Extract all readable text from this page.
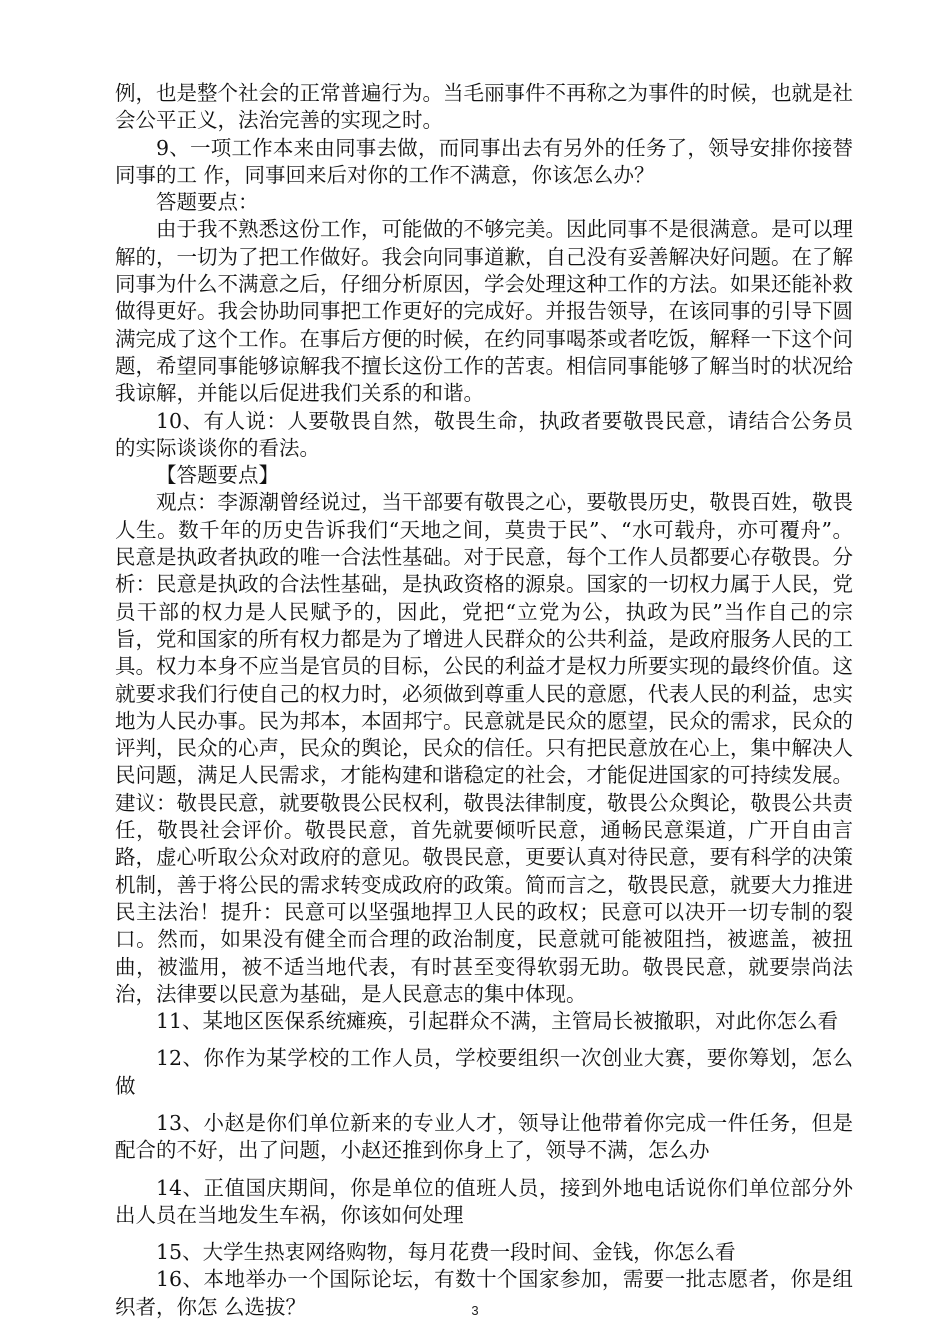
例，也是整个社会的正常普遍行为。当毛丽事件不再称之为事件的时候，也就是社会公平正义，法治完善的实现之时。

9、一项工作本来由同事去做，而同事出去有另外的任务了，领导安排你接替同事的工 作，同事回来后对你的工作不满意，你该怎么办？

答题要点：

由于我不熟悉这份工作，可能做的不够完美。因此同事不是很满意。是可以理解的，一切为了把工作做好。我会向同事道歉，自己没有妥善解决好问题。在了解同事为什么不满意之后，仔细分析原因，学会处理这种工作的方法。如果还能补救做得更好。我会协助同事把工作更好的完成好。并报告领导，在该同事的引导下圆满完成了这个工作。在事后方便的时候，在约同事喝茶或者吃饭，解释一下这个问题，希望同事能够谅解我不擅长这份工作的苦衷。相信同事能够了解当时的状况给我谅解，并能以后促进我们关系的和谐。

10、有人说：人要敬畏自然，敬畏生命，执政者要敬畏民意，请结合公务员的实际谈谈你的看法。

【答题要点】

观点：李源潮曾经说过，当干部要有敬畏之心，要敬畏历史，敬畏百姓，敬畏人生。数千年的历史告诉我们“天地之间，莫贵于民”、“水可载舟，亦可覆舟”。民意是执政者执政的唯一合法性基础。对于民意，每个工作人员都要心存敬畏。分析：民意是执政的合法性基础，是执政资格的源泉。国家的一切权力属于人民，党员干部的权力是人民赋予的，因此，党把“立党为公，执政为民”当作自己的宗旨，党和国家的所有权力都是为了增进人民群众的公共利益，是政府服务人民的工具。权力本身不应当是官员的目标，公民的利益才是权力所要实现的最终价值。这就要求我们行使自己的权力时，必须做到尊重人民的意愿，代表人民的利益，忠实地为人民办事。民为邦本，本固邦宁。民意就是民众的愿望，民众的需求，民众的评判，民众的心声，民众的舆论，民众的信任。只有把民意放在心上，集中解决人民问题，满足人民需求，才能构建和谐稳定的社会，才能促进国家的可持续发展。建议：敬畏民意，就要敬畏公民权利，敬畏法律制度，敬畏公众舆论，敬畏公共责任，敬畏社会评价。敬畏民意，首先就要倾听民意，通畅民意渠道，广开自由言路，虚心听取公众对政府的意见。敬畏民意，更要认真对待民意，要有科学的决策机制，善于将公民的需求转变成政府的政策。简而言之，敬畏民意，就要大力推进民主法治！提升：民意可以坚强地捍卫人民的政权；民意可以决开一切专制的裂口。然而，如果没有健全而合理的政治制度，民意就可能被阻挡，被遮盖，被扭曲，被滥用，被不适当地代表，有时甚至变得软弱无助。敬畏民意，就要崇尚法治，法律要以民意为基础，是人民意志的集中体现。

11、某地区医保系统瘫痪，引起群众不满，主管局长被撤职，对此你怎么看

12、你作为某学校的工作人员，学校要组织一次创业大赛，要你筹划，怎么做

13、小赵是你们单位新来的专业人才，领导让他带着你完成一件任务，但是配合的不好，出了问题，小赵还推到你身上了，领导不满，怎么办

14、正值国庆期间，你是单位的值班人员，接到外地电话说你们单位部分外出人员在当地发生车祸，你该如何处理

15、大学生热衷网络购物，每月花费一段时间、金钱，你怎么看

16、本地举办一个国际论坛，有数十个国家参加，需要一批志愿者，你是组织者，你怎 么选拔？	3
